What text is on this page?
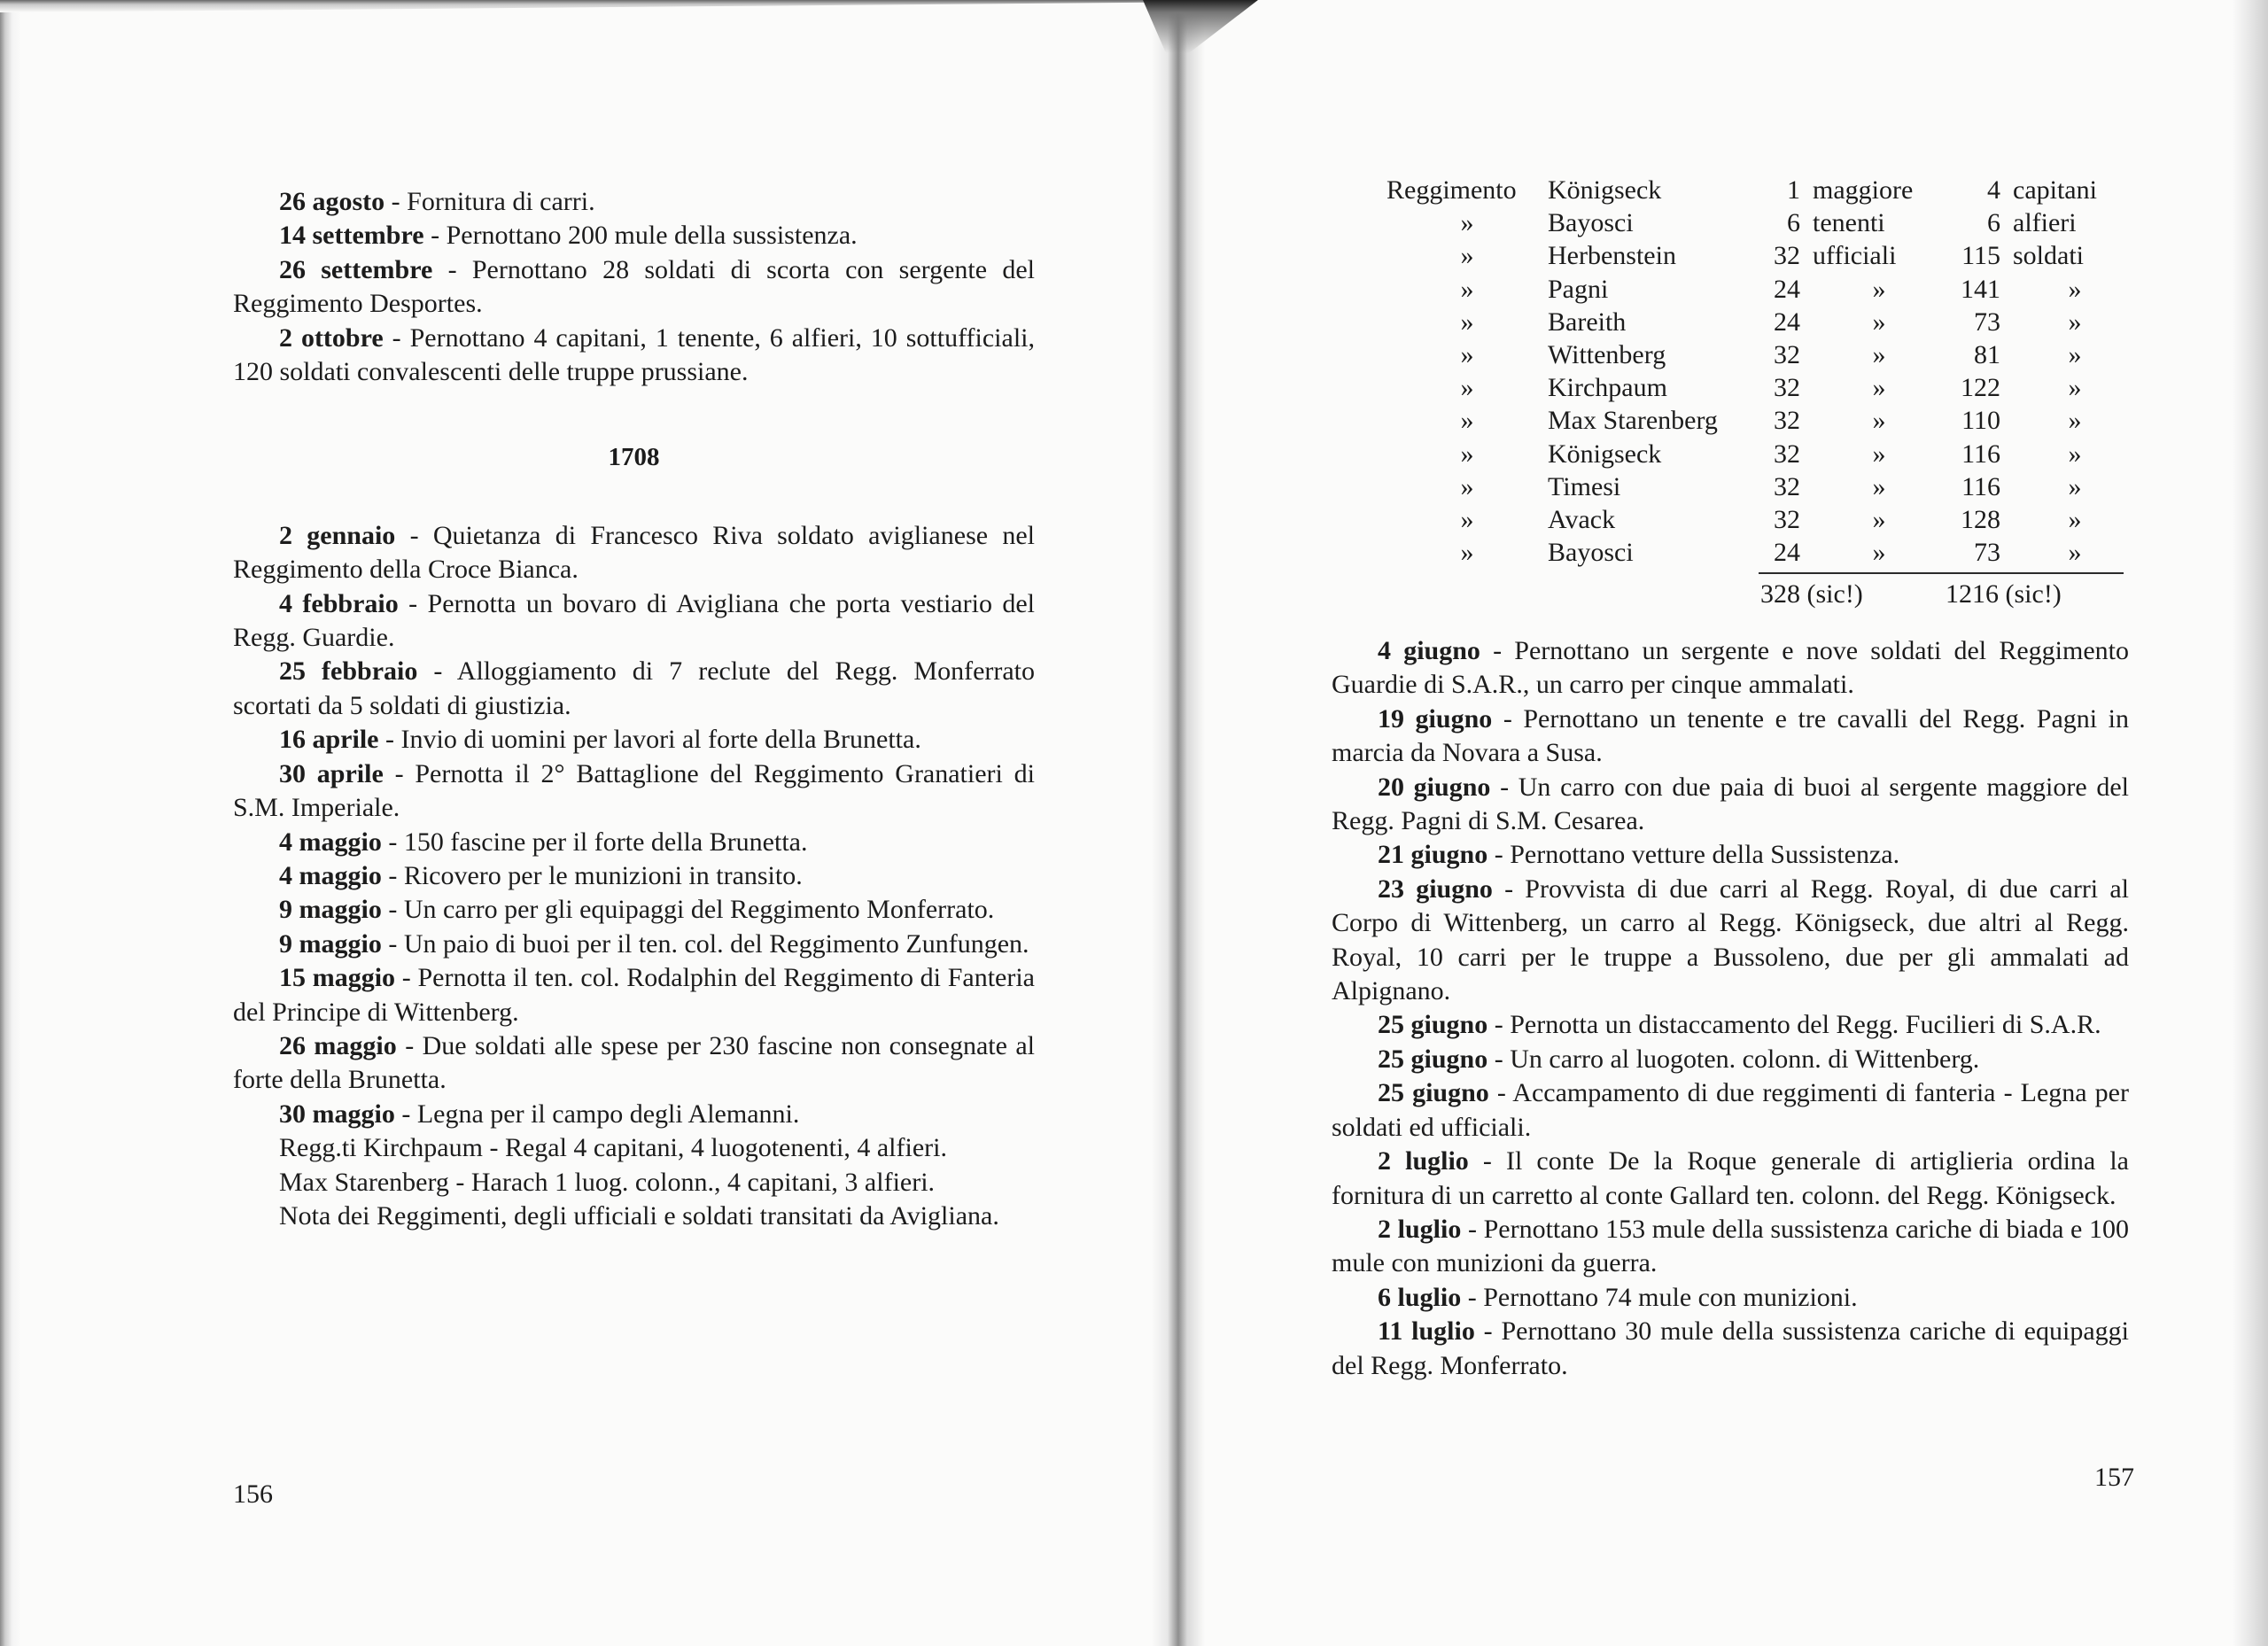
26 agosto - Fornitura di carri.

14 settembre - Pernottano 200 mule della sussistenza.

26 settembre - Pernottano 28 soldati di scorta con sergente del Reggimento Desportes.

2 ottobre - Pernottano 4 capitani, 1 tenente, 6 alfieri, 10 sottufficiali, 120 soldati convalescenti delle truppe prussiane.

1708

2 gennaio - Quietanza di Francesco Riva soldato aviglianese nel Reggimento della Croce Bianca.

4 febbraio - Pernotta un bovaro di Avigliana che porta vestiario del Regg. Guardie.

25 febbraio - Alloggiamento di 7 reclute del Regg. Monferrato scortati da 5 soldati di giustizia.

16 aprile - Invio di uomini per lavori al forte della Brunetta.

30 aprile - Pernotta il 2° Battaglione del Reggimento Granatieri di S.M. Imperiale.

4 maggio - 150 fascine per il forte della Brunetta.

4 maggio - Ricovero per le munizioni in transito.

9 maggio - Un carro per gli equipaggi del Reggimento Monferrato.

9 maggio - Un paio di buoi per il ten. col. del Reggimento Zunfungen.

15 maggio - Pernotta il ten. col. Rodalphin del Reggimento di Fanteria del Principe di Wittenberg.

26 maggio - Due soldati alle spese per 230 fascine non consegnate al forte della Brunetta.

30 maggio - Legna per il campo degli Alemanni.

Regg.ti Kirchpaum - Regal 4 capitani, 4 luogotenenti, 4 alfieri.

Max Starenberg - Harach 1 luog. colonn., 4 capitani, 3 alfieri.

Nota dei Reggimenti, degli ufficiali e soldati transitati da Avigliana.

156
Reggimento	Königseck	1	maggiore	4	capitani
»	Bayosci	6	tenenti	6	alfieri
»	Herbenstein	32	ufficiali	115	soldati
»	Pagni	24	»	141	»
»	Bareith	24	»	73	»
»	Wittenberg	32	»	81	»
»	Kirchpaum	32	»	122	»
»	Max Starenberg	32	»	110	»
»	Königseck	32	»	116	»
»	Timesi	32	»	116	»
»	Avack	32	»	128	»
»	Bayosci	24	»	73	»
		328 (sic!)		1216 (sic!)	

4 giugno - Pernottano un sergente e nove soldati del Reggimento Guardie di S.A.R., un carro per cinque ammalati.

19 giugno - Pernottano un tenente e tre cavalli del Regg. Pagni in marcia da Novara a Susa.

20 giugno - Un carro con due paia di buoi al sergente maggiore del Regg. Pagni di S.M. Cesarea.

21 giugno - Pernottano vetture della Sussistenza.

23 giugno - Provvista di due carri al Regg. Royal, di due carri al Corpo di Wittenberg, un carro al Regg. Königseck, due altri al Regg. Royal, 10 carri per le truppe a Bussoleno, due per gli ammalati ad Alpignano.

25 giugno - Pernotta un distaccamento del Regg. Fucilieri di S.A.R.

25 giugno - Un carro al luogoten. colonn. di Wittenberg.

25 giugno - Accampamento di due reggimenti di fanteria - Legna per soldati ed ufficiali.

2 luglio - Il conte De la Roque generale di artiglieria ordina la fornitura di un carretto al conte Gallard ten. colonn. del Regg. Königseck.

2 luglio - Pernottano 153 mule della sussistenza cariche di biada e 100 mule con munizioni da guerra.

6 luglio - Pernottano 74 mule con munizioni.

11 luglio - Pernottano 30 mule della sussistenza cariche di equipaggi del Regg. Monferrato.

157
